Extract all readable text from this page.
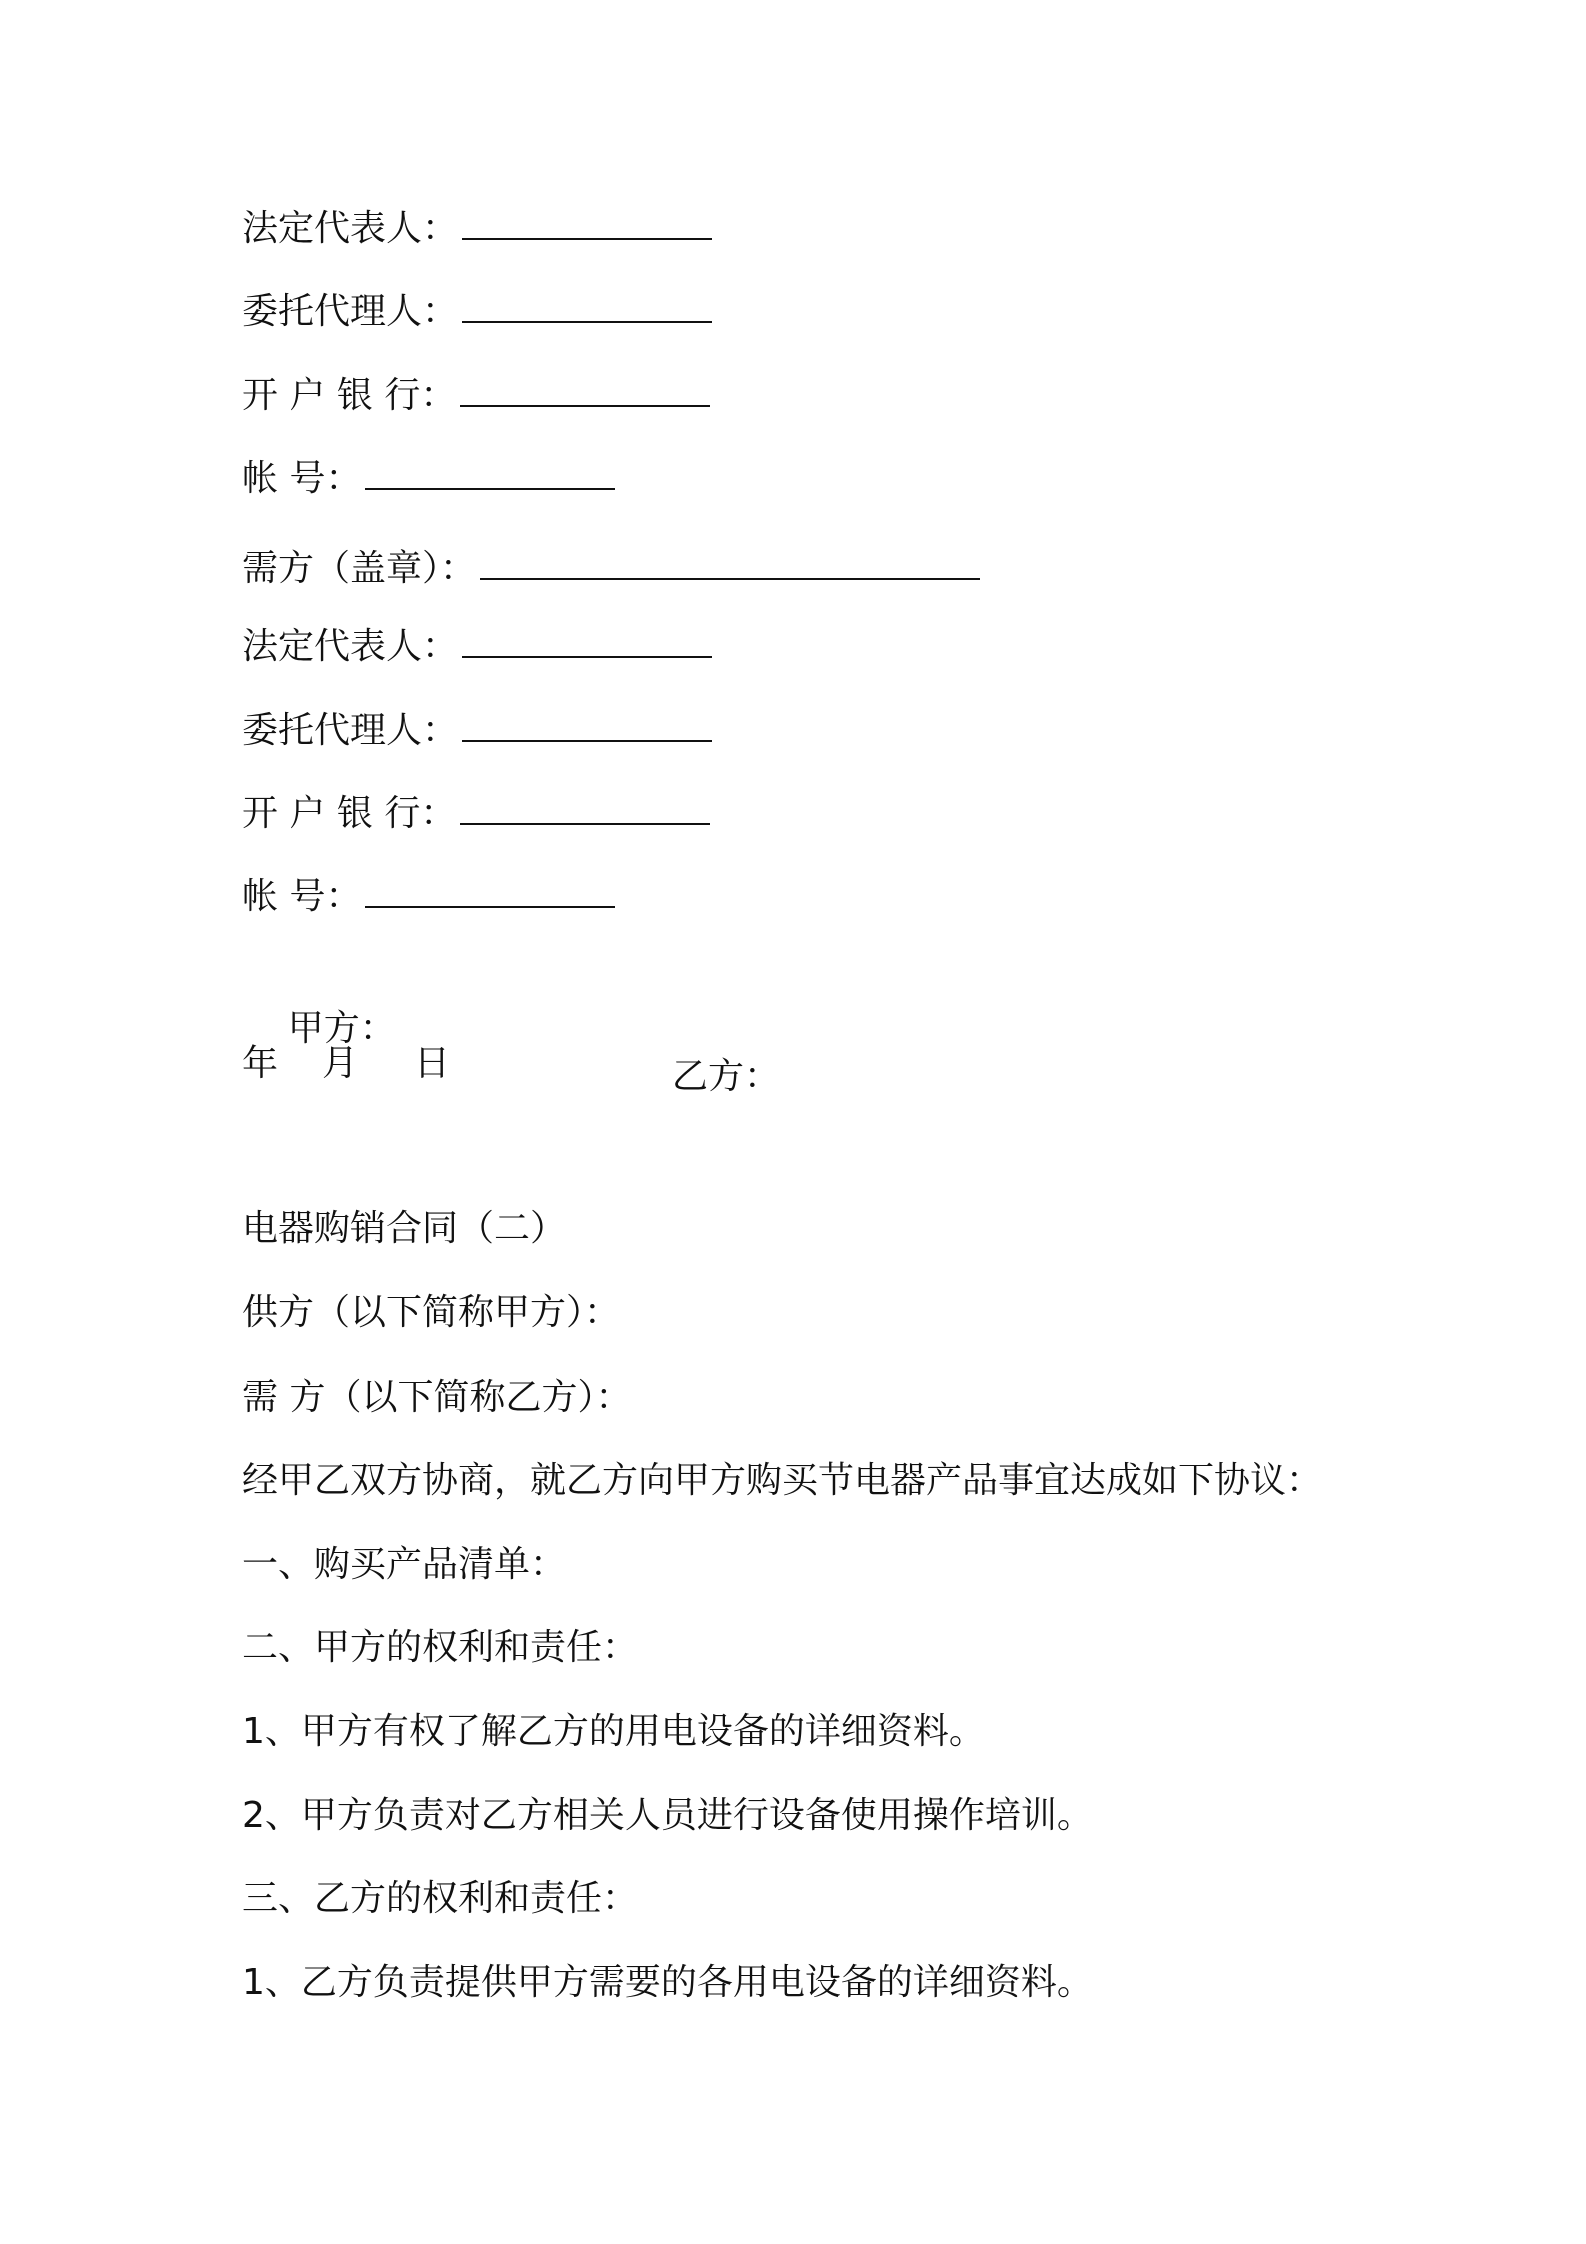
法定代表人：
委托代理人：
开 户 银 行：
帐 号：
需方（盖章）：
法定代表人：
委托代理人：
开 户 银 行：
帐 号：

甲方：

乙方：

年 月 日
电器购销合同（二）
供方（以下简称甲方）：
需 方（以下简称乙方）：
经甲乙双方协商，就乙方向甲方购买节电器产品事宜达成如下协议：
一、购买产品清单：
二、甲方的权利和责任：
1、甲方有权了解乙方的用电设备的详细资料。
2、甲方负责对乙方相关人员进行设备使用操作培训。
三、乙方的权利和责任：
1、乙方负责提供甲方需要的各用电设备的详细资料。
